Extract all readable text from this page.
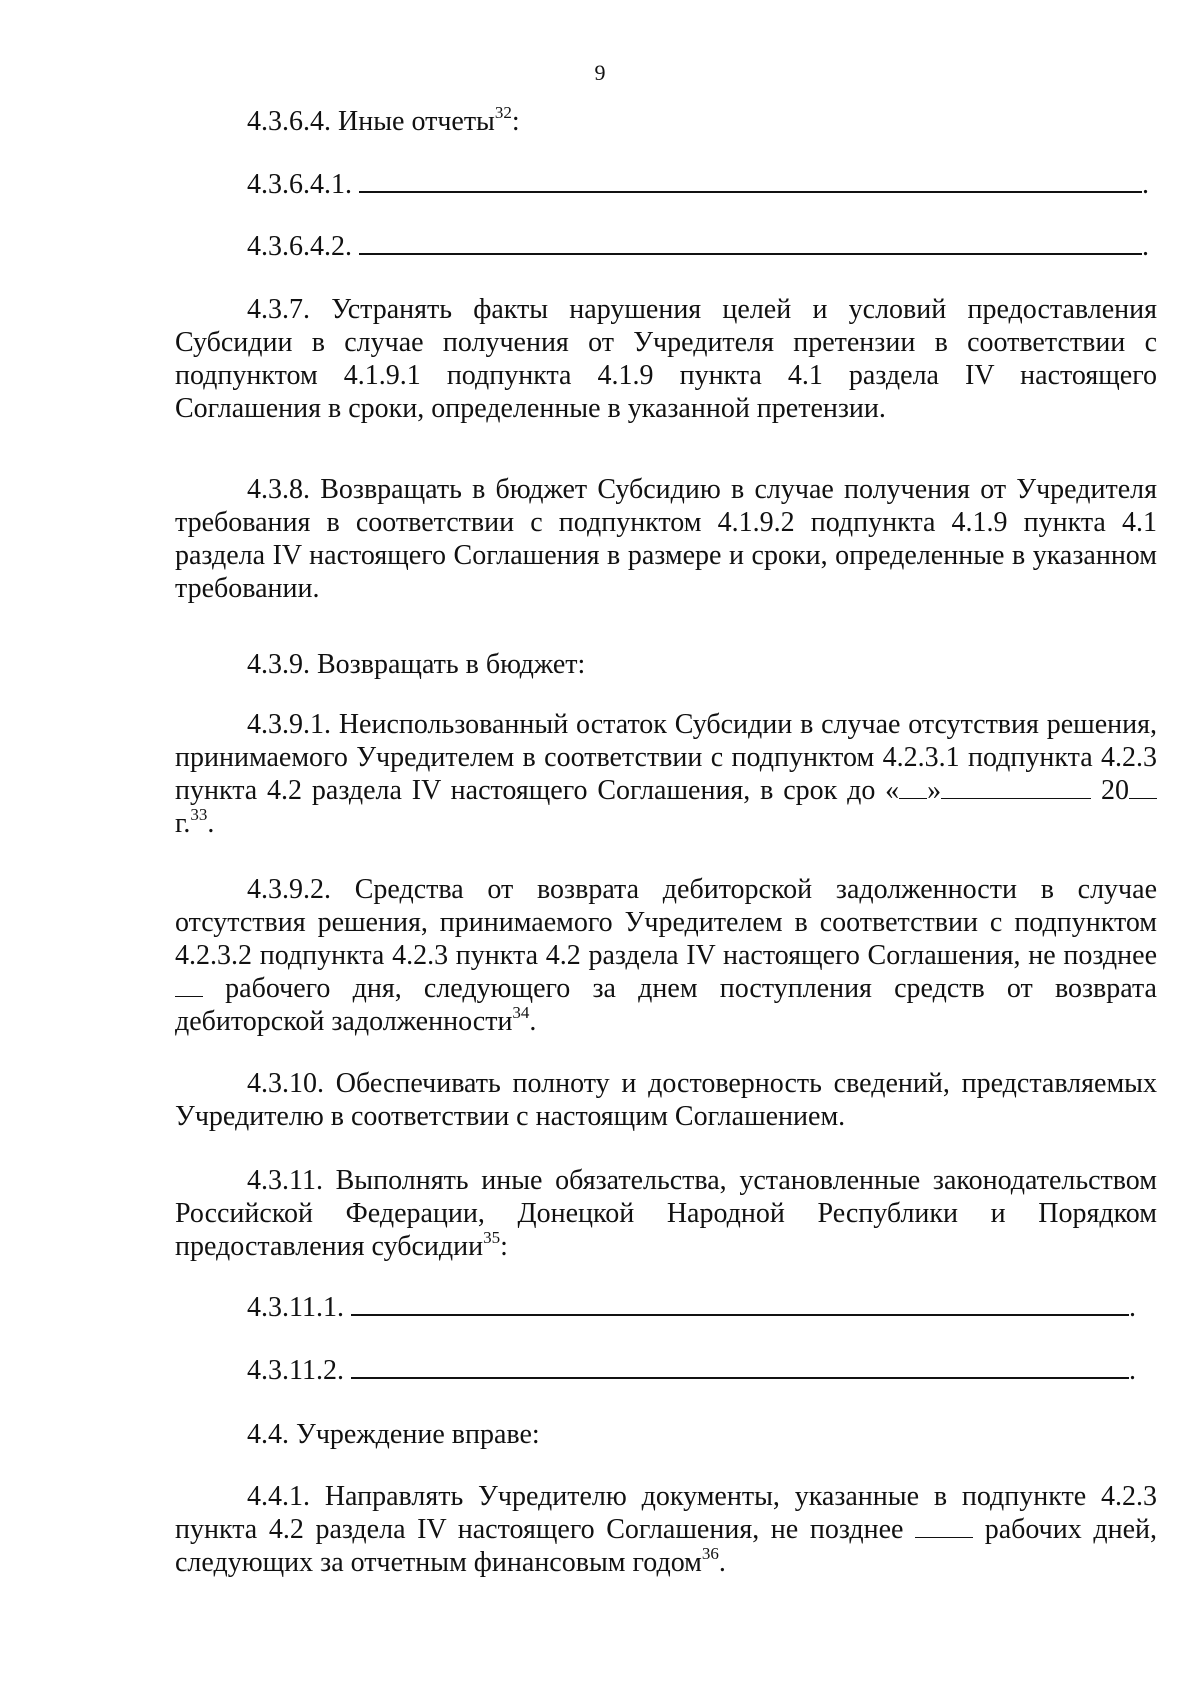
9

4.3.6.4. Иные отчеты$^{32}$:

4.3.6.4.1.	.
4.3.6.4.2.	.

4.3.7. Устранять факты нарушения целей и условий предоставления Субсидии в случае получения от Учредителя претензии в соответствии с подпунктом 4.1.9.1 подпункта 4.1.9 пункта 4.1 раздела IV настоящего Соглашения в сроки, определенные в указанной претензии.

4.3.8. Возвращать в бюджет Субсидию в случае получения от Учредителя требования в соответствии с подпунктом 4.1.9.2 подпункта 4.1.9 пункта 4.1 раздела IV настоящего Соглашения в размере и сроки, определенные в указанном требовании.

4.3.9. Возвращать в бюджет:

4.3.9.1. Неиспользованный остаток Субсидии в случае отсутствия решения, принимаемого Учредителем в соответствии с подпунктом 4.2.3.1 подпункта 4.2.3 пункта 4.2 раздела IV настоящего Соглашения, в срок до « »	20 г.$^{33}$.

4.3.9.2. Средства от возврата дебиторской задолженности в случае отсутствия решения, принимаемого Учредителем в соответствии с подпунктом 4.2.3.2 подпункта 4.2.3 пункта 4.2 раздела IV настоящего Соглашения, не позднее  рабочего дня, следующего за днем поступления средств от возврата дебиторской задолженности$^{34}$.

4.3.10. Обеспечивать полноту и достоверность сведений, представляемых Учредителю в соответствии с настоящим Соглашением.

4.3.11. Выполнять иные обязательства, установленные законодательством Российской Федерации, Донецкой Народной Республики и Порядком предоставления субсидии$^{35}$:

4.3.11.1.	.
4.3.11.2.	.

4.4. Учреждение вправе:

4.4.1. Направлять Учредителю документы, указанные в подпункте 4.2.3 пункта 4.2 раздела IV настоящего Соглашения, не позднее  рабочих дней, следующих за отчетным финансовым годом$^{36}$.
